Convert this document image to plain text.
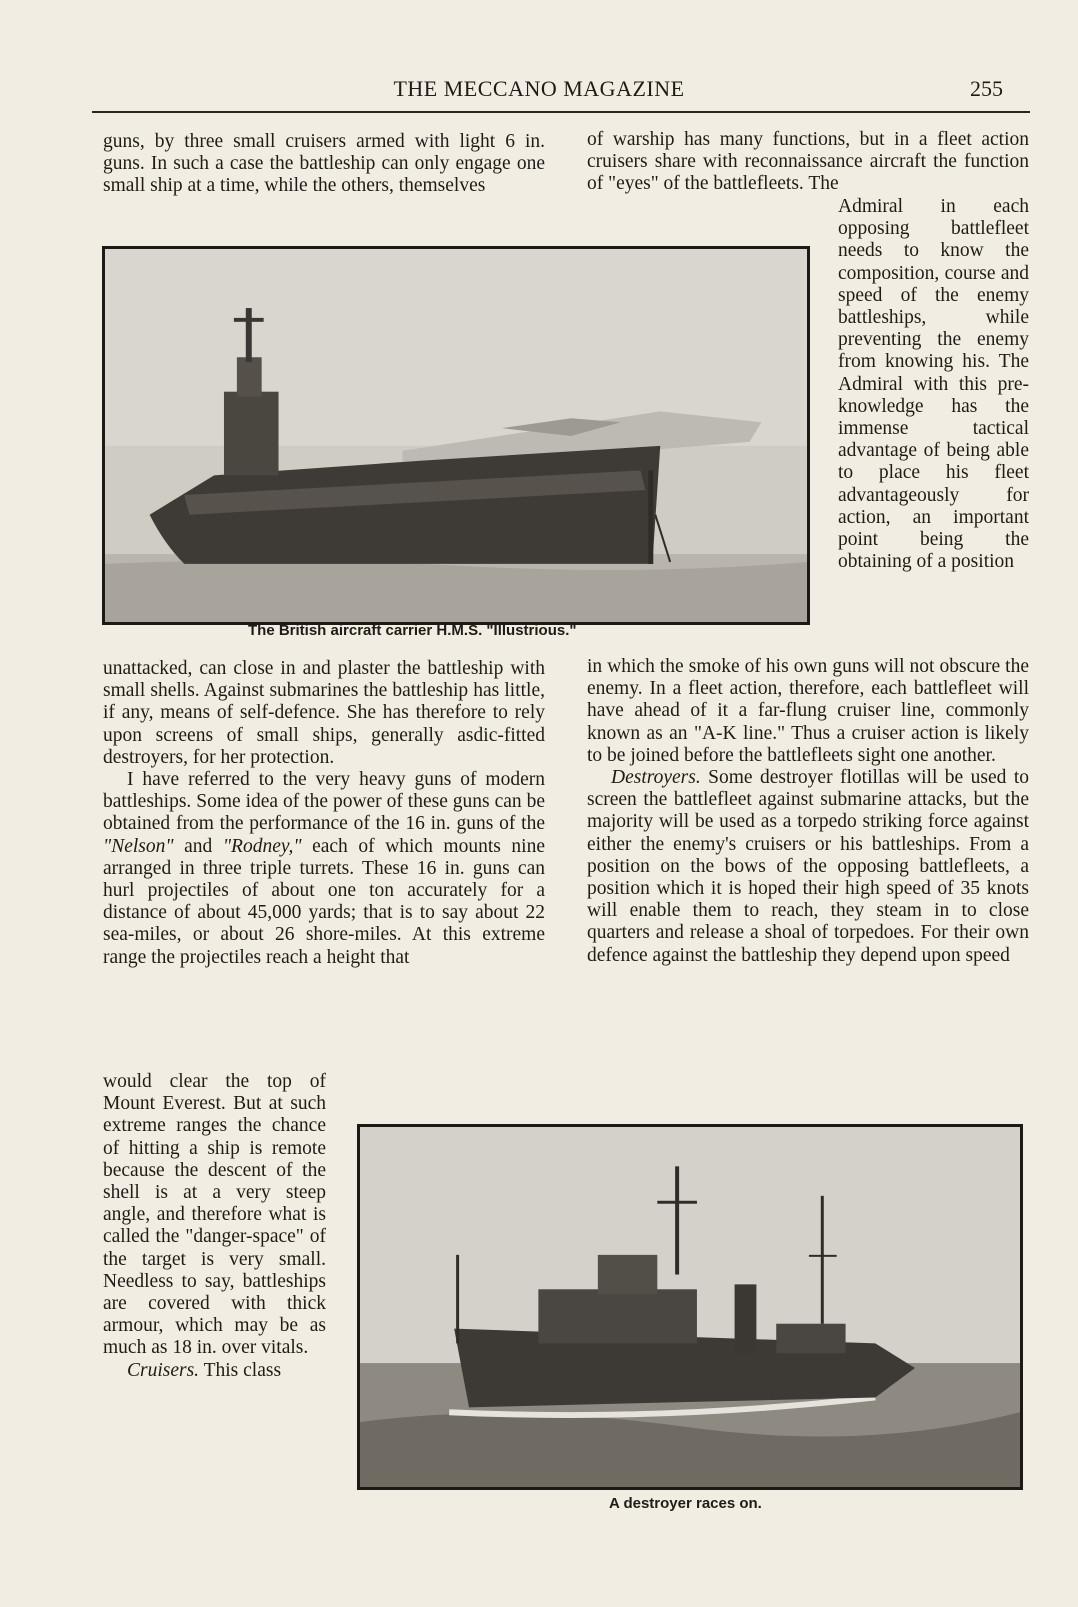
THE MECCANO MAGAZINE	255

guns, by three small cruisers armed with light 6 in. guns. In such a case the battleship can only engage one small ship at a time, while the others, themselves

of warship has many functions, but in a fleet action cruisers share with reconnaissance aircraft the function of "eyes" of the battlefleets. The

Admiral in each opposing battlefleet needs to know the composition, course and speed of the enemy battleships, while preventing the enemy from knowing his. The Admiral with this pre-knowledge has the immense tactical advantage of being able to place his fleet advantageously for action, an important point being the obtaining of a position

The British aircraft carrier H.M.S. "Illustrious."

unattacked, can close in and plaster the battleship with small shells. Against submarines the battleship has little, if any, means of self-defence. She has therefore to rely upon screens of small ships, generally asdic-fitted destroyers, for her protection.

I have referred to the very heavy guns of modern battleships. Some idea of the power of these guns can be obtained from the performance of the 16 in. guns of the "Nelson" and "Rodney," each of which mounts nine arranged in three triple turrets. These 16 in. guns can hurl projectiles of about one ton accurately for a distance of about 45,000 yards; that is to say about 22 sea-miles, or about 26 shore-miles. At this extreme range the projectiles reach a height that

in which the smoke of his own guns will not obscure the enemy. In a fleet action, therefore, each battlefleet will have ahead of it a far-flung cruiser line, commonly known as an "A-K line." Thus a cruiser action is likely to be joined before the battlefleets sight one another.

Destroyers. Some destroyer flotillas will be used to screen the battlefleet against submarine attacks, but the majority will be used as a torpedo striking force against either the enemy's cruisers or his battleships. From a position on the bows of the opposing battlefleets, a position which it is hoped their high speed of 35 knots will enable them to reach, they steam in to close quarters and release a shoal of torpedoes. For their own defence against the battleship they depend upon speed

would clear the top of Mount Everest. But at such extreme ranges the chance of hitting a ship is remote because the descent of the shell is at a very steep angle, and therefore what is called the "danger-space" of the target is very small. Needless to say, battleships are covered with thick armour, which may be as much as 18 in. over vitals.

Cruisers. This class

A destroyer races on.
